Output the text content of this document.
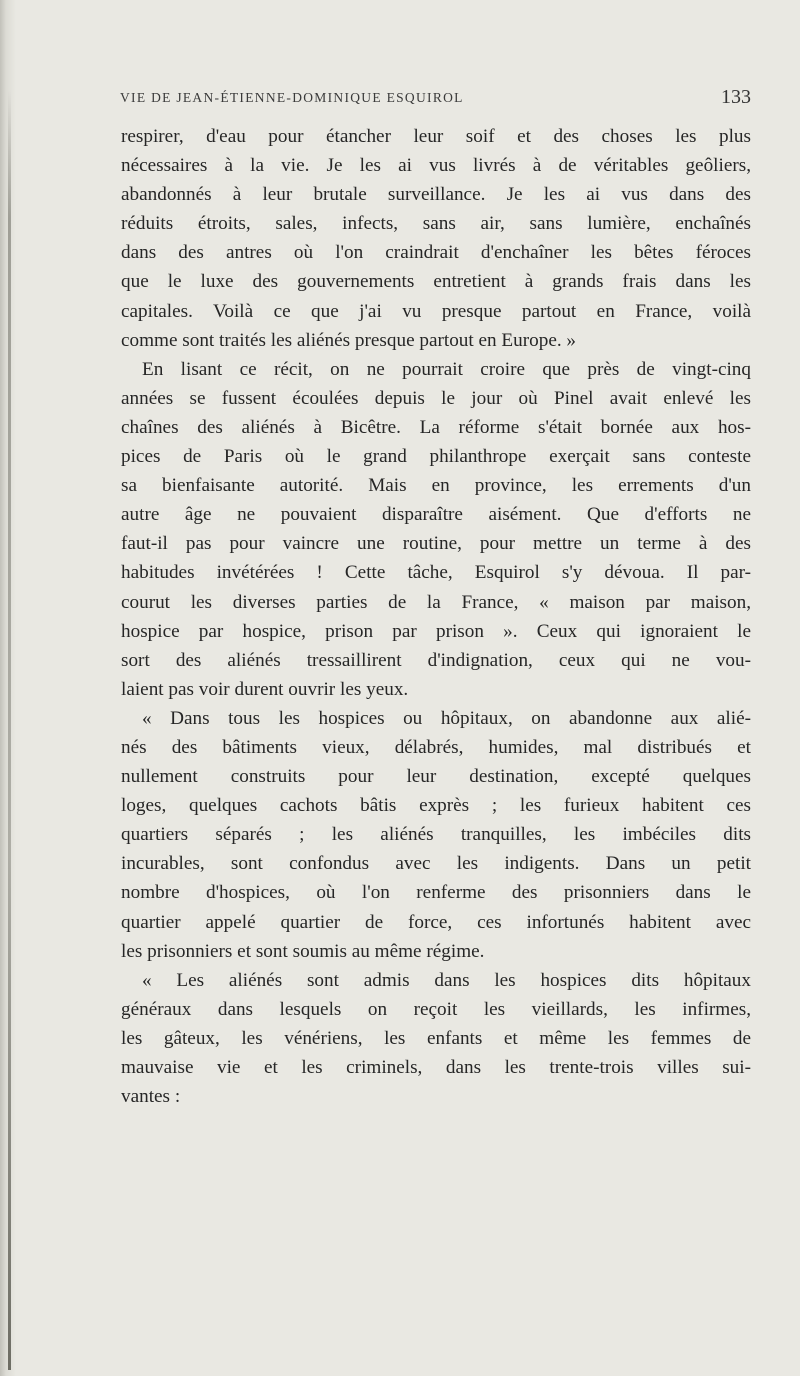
VIE DE JEAN-ÉTIENNE-DOMINIQUE ESQUIROL	133
respirer, d'eau pour étancher leur soif et des choses les plus
nécessaires à la vie. Je les ai vus livrés à de véritables geôliers,
abandonnés à leur brutale surveillance. Je les ai vus dans des
réduits étroits, sales, infects, sans air, sans lumière, enchaînés
dans des antres où l'on craindrait d'enchaîner les bêtes féroces
que le luxe des gouvernements entretient à grands frais dans les
capitales. Voilà ce que j'ai vu presque partout en France, voilà
comme sont traités les aliénés presque partout en Europe. »
En lisant ce récit, on ne pourrait croire que près de vingt-cinq
années se fussent écoulées depuis le jour où Pinel avait enlevé les
chaînes des aliénés à Bicêtre. La réforme s'était bornée aux hos-
pices de Paris où le grand philanthrope exerçait sans conteste
sa bienfaisante autorité. Mais en province, les errements d'un
autre âge ne pouvaient disparaître aisément. Que d'efforts ne
faut-il pas pour vaincre une routine, pour mettre un terme à des
habitudes invétérées ! Cette tâche, Esquirol s'y dévoua. Il par-
courut les diverses parties de la France, « maison par maison,
hospice par hospice, prison par prison ». Ceux qui ignoraient le
sort des aliénés tressaillirent d'indignation, ceux qui ne vou-
laient pas voir durent ouvrir les yeux.
« Dans tous les hospices ou hôpitaux, on abandonne aux alié-
nés des bâtiments vieux, délabrés, humides, mal distribués et
nullement construits pour leur destination, excepté quelques
loges, quelques cachots bâtis exprès ; les furieux habitent ces
quartiers séparés ; les aliénés tranquilles, les imbéciles dits
incurables, sont confondus avec les indigents. Dans un petit
nombre d'hospices, où l'on renferme des prisonniers dans le
quartier appelé quartier de force, ces infortunés habitent avec
les prisonniers et sont soumis au même régime.
« Les aliénés sont admis dans les hospices dits hôpitaux
généraux dans lesquels on reçoit les vieillards, les infirmes,
les gâteux, les vénériens, les enfants et même les femmes de
mauvaise vie et les criminels, dans les trente-trois villes sui-
vantes :
